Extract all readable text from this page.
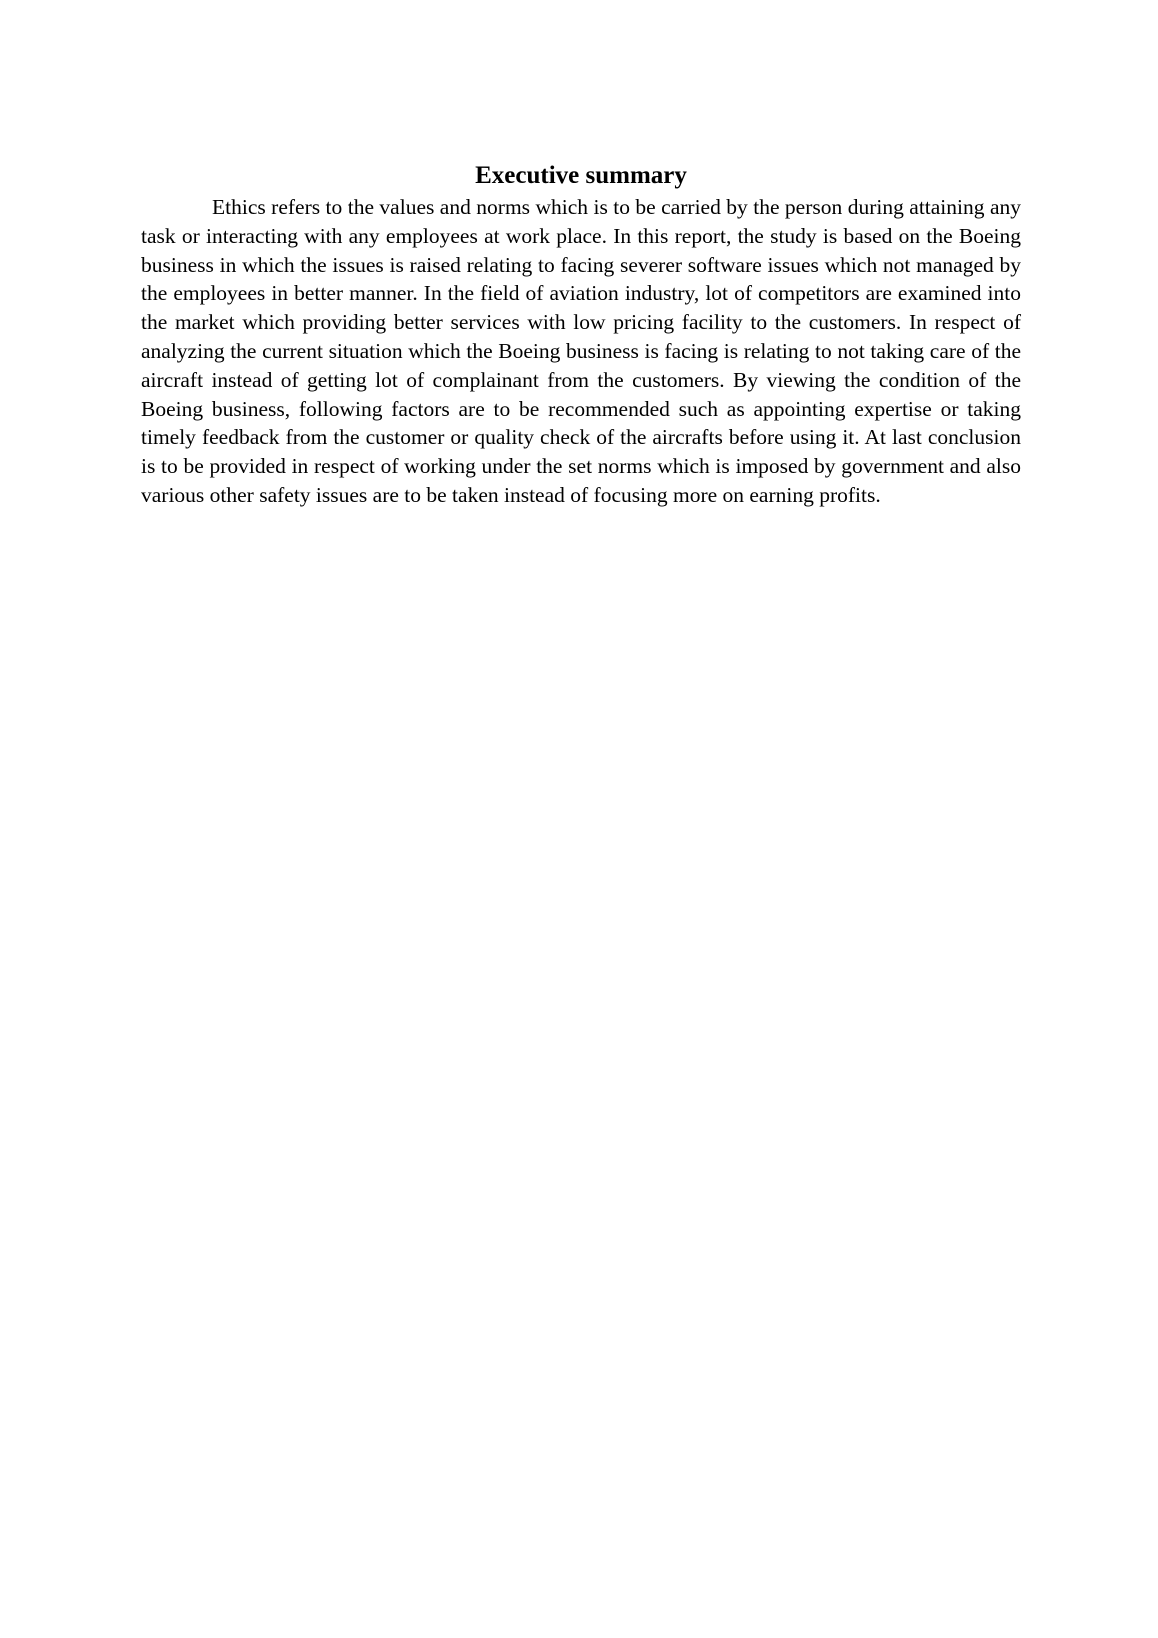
Executive summary

Ethics refers to the values and norms which is to be carried by the person during attaining any task or interacting with any employees at work place. In this report, the study is based on the Boeing business in which the issues is raised relating to facing severer software issues which not managed by the employees in better manner. In the field of aviation industry, lot of competitors are examined into the market which providing better services with low pricing facility to the customers. In respect of analyzing the current situation which the Boeing business is facing is relating to not taking care of the aircraft instead of getting lot of complainant from the customers. By viewing the condition of the Boeing business, following factors are to be recommended such as appointing expertise or taking timely feedback from the customer or quality check of the aircrafts before using it. At last conclusion is to be provided in respect of working under the set norms which is imposed by government and also various other safety issues are to be taken instead of focusing more on earning profits.
